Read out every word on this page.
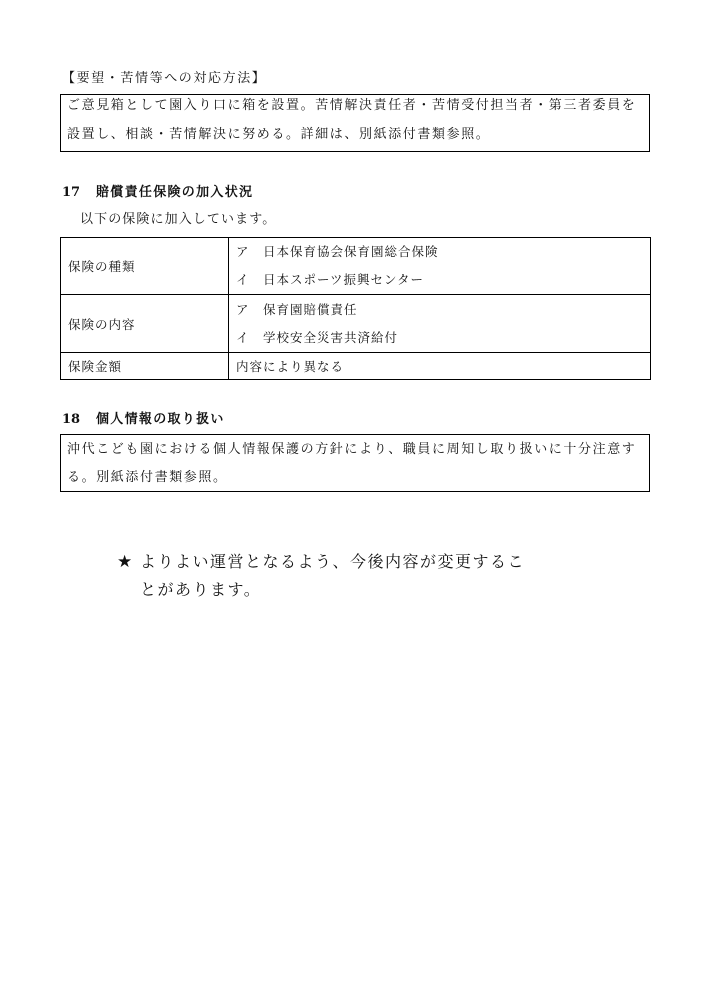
【要望・苦情等への対応方法】
ご意見箱として園入り口に箱を設置。苦情解決責任者・苦情受付担当者・第三者委員を
設置し、相談・苦情解決に努める。詳細は、別紙添付書類参照。
17 賠償責任保険の加入状況
以下の保険に加入しています。
保険の種類	ア　日本保育協会保育園総合保険
イ　日本スポーツ振興センター

保険の内容	ア　保育園賠償責任
イ　学校安全災害共済給付

保険金額	内容により異なる
18 個人情報の取り扱い
沖代こども園における個人情報保護の方針により、職員に周知し取り扱いに十分注意す
る。別紙添付書類参照。
★ よりよい運営となるよう、今後内容が変更するこ
とがあります。
